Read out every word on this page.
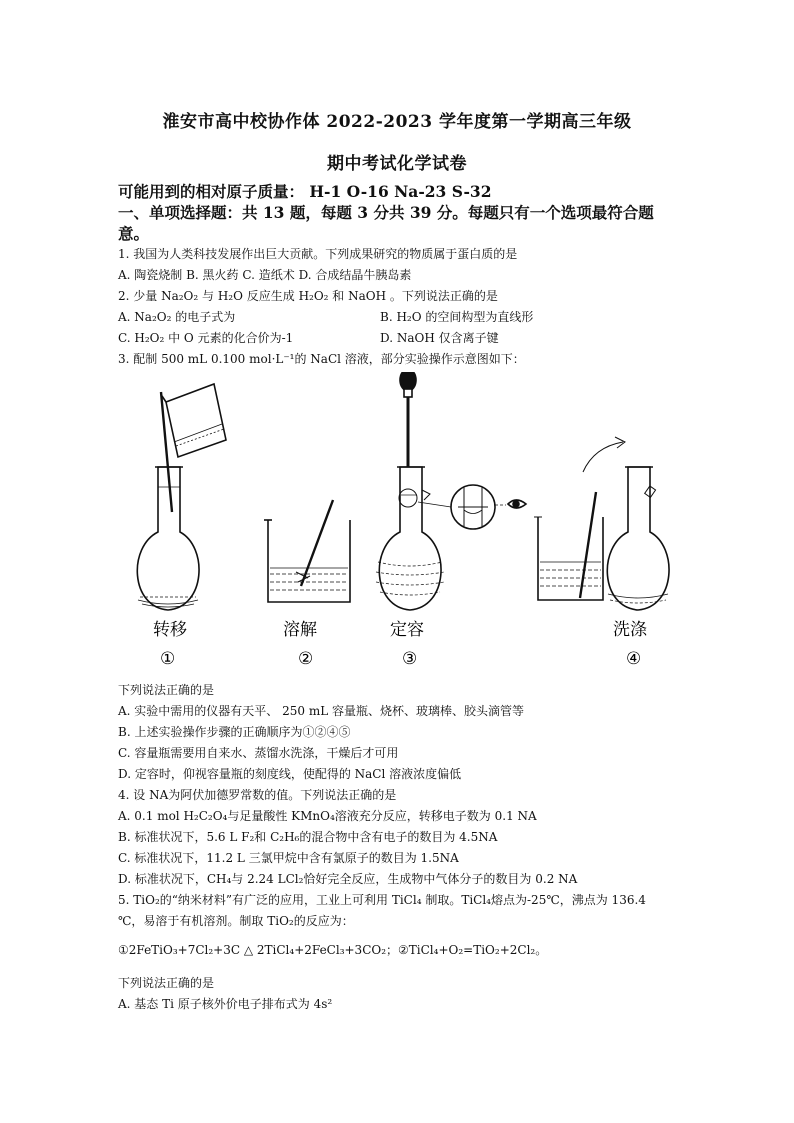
淮安市高中校协作体 2022-2023 学年度第一学期高三年级
期中考试化学试卷
可能用到的相对原子质量： H-1 O-16 Na-23 S-32
一、单项选择题：共 13 题，每题 3 分共 39 分。每题只有一个选项最符合题
意。
1. 我国为人类科技发展作出巨大贡献。下列成果研究的物质属于蛋白质的是
A. 陶瓷烧制 B. 黑火药 C. 造纸术 D. 合成结晶牛胰岛素
2. 少量 Na₂O₂ 与 H₂O 反应生成 H₂O₂ 和 NaOH 。下列说法正确的是
A. Na₂O₂ 的电子式为	B. H₂O 的空间构型为直线形
C. H₂O₂ 中 O 元素的化合价为-1	D. NaOH 仅含离子键
3. 配制 500 mL 0.100 mol·L⁻¹的 NaCl 溶液，部分实验操作示意图如下：
转移	溶解	定容	洗涤
①	②	③	④
下列说法正确的是
A. 实验中需用的仪器有天平、 250 mL 容量瓶、烧杯、玻璃棒、胶头滴管等
B. 上述实验操作步骤的正确顺序为①②④⑤
C. 容量瓶需要用自来水、蒸馏水洗涤，干燥后才可用
D. 定容时，仰视容量瓶的刻度线，使配得的 NaCl 溶液浓度偏低
4. 设 NA为阿伏加德罗常数的值。下列说法正确的是
A. 0.1 mol H₂C₂O₄与足量酸性 KMnO₄溶液充分反应，转移电子数为 0.1 NA
B. 标准状况下，5.6 L F₂和 C₂H₆的混合物中含有电子的数目为 4.5NA
C. 标准状况下，11.2 L 三氯甲烷中含有氯原子的数目为 1.5NA
D. 标准状况下，CH₄与 2.24 LCl₂恰好完全反应，生成物中气体分子的数目为 0.2 NA
5. TiO₂的“纳米材料”有广泛的应用，工业上可利用 TiCl₄ 制取。TiCl₄熔点为-25℃，沸点为 136.4
℃，易溶于有机溶剂。制取 TiO₂的反应为：
①2FeTiO₃+7Cl₂+3C △ 2TiCl₄+2FeCl₃+3CO₂；②TiCl₄+O₂=TiO₂+2Cl₂。
下列说法正确的是
A. 基态 Ti 原子核外价电子排布式为 4s²
